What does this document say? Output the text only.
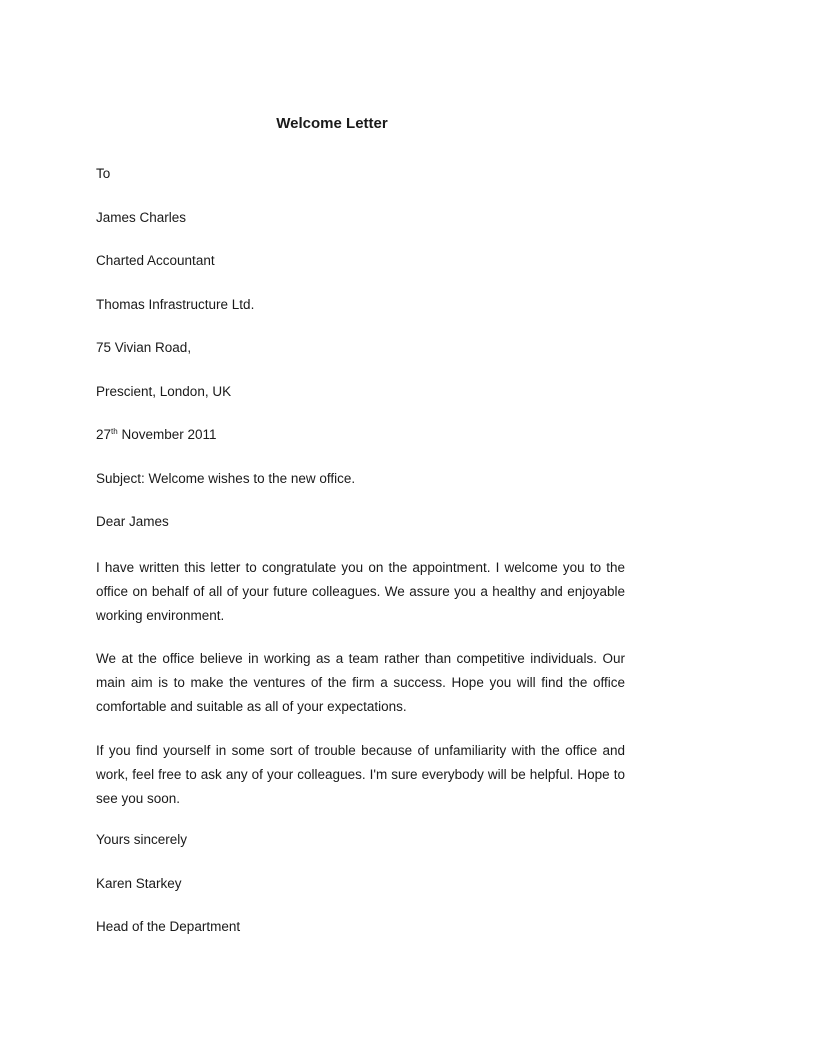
Welcome Letter
To
James Charles
Charted Accountant
Thomas Infrastructure Ltd.
75 Vivian Road,
Prescient, London, UK
27th November 2011
Subject: Welcome wishes to the new office.
Dear James
I have written this letter to congratulate you on the appointment. I welcome you to the office on behalf of all of your future colleagues. We assure you a healthy and enjoyable working environment.
We at the office believe in working as a team rather than competitive individuals. Our main aim is to make the ventures of the firm a success. Hope you will find the office comfortable and suitable as all of your expectations.
If you find yourself in some sort of trouble because of unfamiliarity with the office and work, feel free to ask any of your colleagues. I'm sure everybody will be helpful. Hope to see you soon.
Yours sincerely
Karen Starkey
Head of the Department
